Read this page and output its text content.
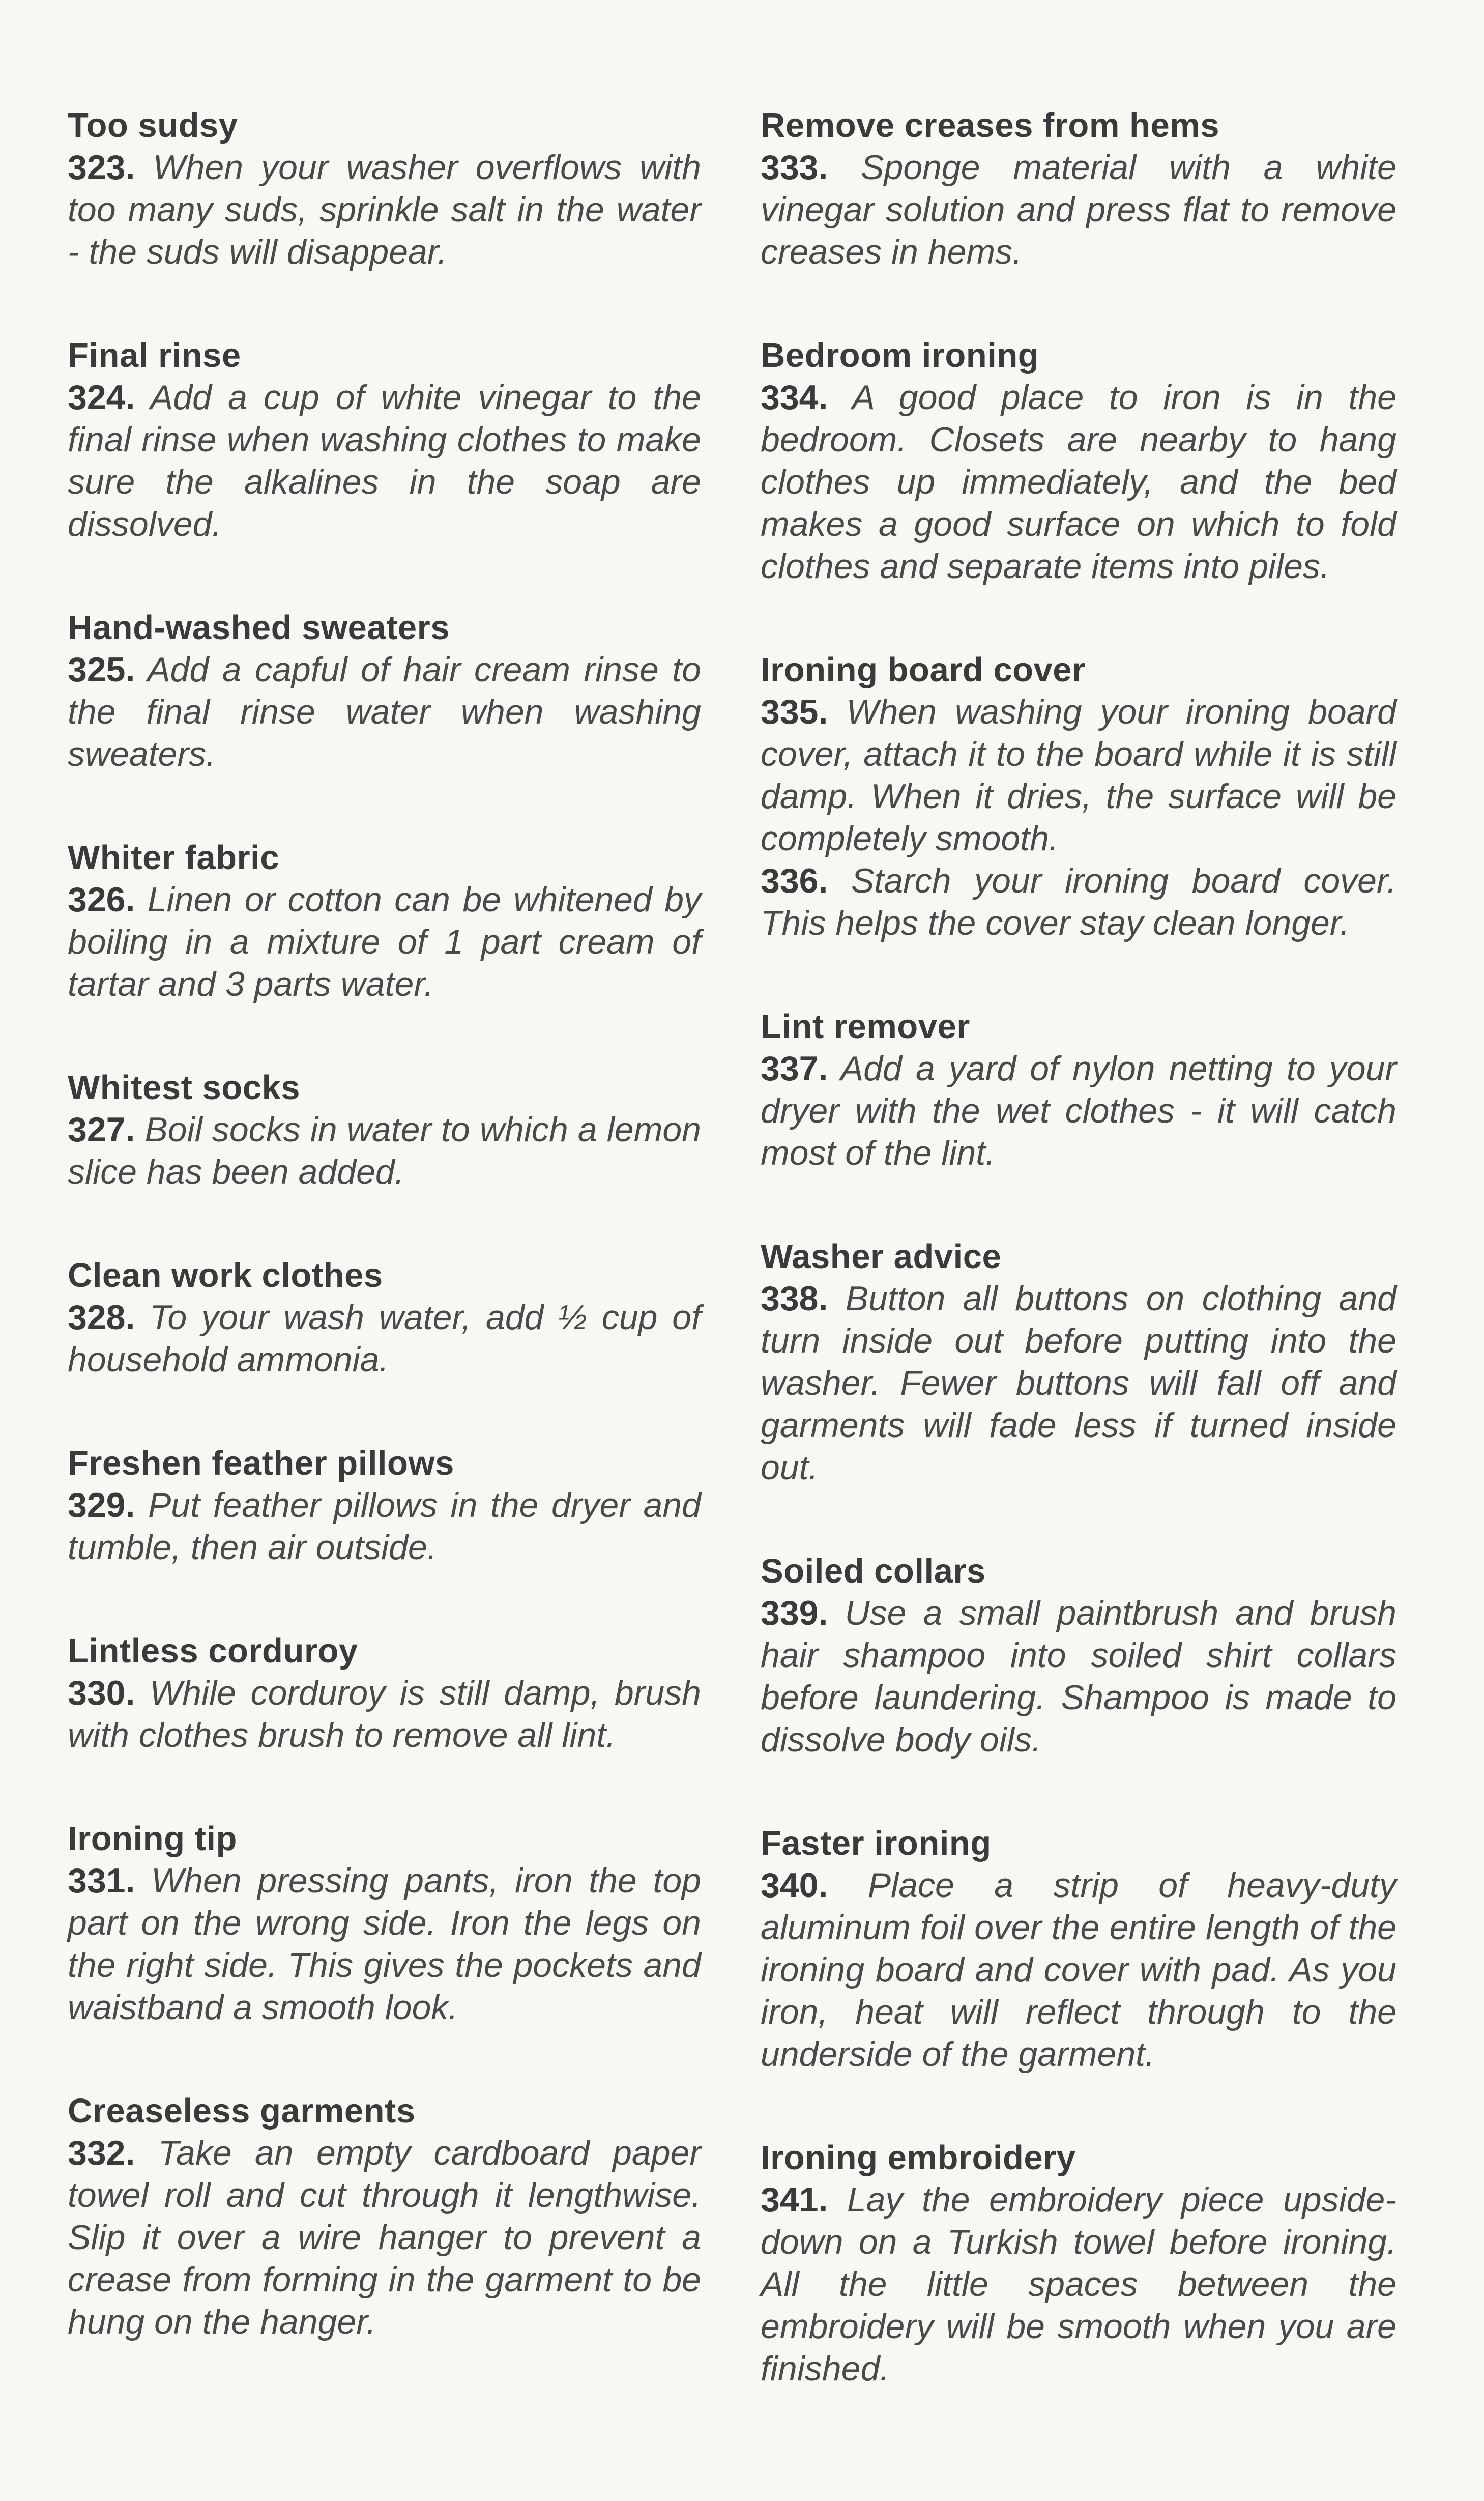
Too sudsy

323. When your washer overflows with too many suds, sprinkle salt in the water - the suds will disappear.

Final rinse

324. Add a cup of white vinegar to the final rinse when washing clothes to make sure the alkalines in the soap are dissolved.

Hand-washed sweaters

325. Add a capful of hair cream rinse to the final rinse water when washing sweaters.

Whiter fabric

326. Linen or cotton can be whitened by boiling in a mixture of 1 part cream of tartar and 3 parts water.

Whitest socks

327. Boil socks in water to which a lemon slice has been added.

Clean work clothes

328. To your wash water, add ½ cup of household ammonia.

Freshen feather pillows

329. Put feather pillows in the dryer and tumble, then air outside.

Lintless corduroy

330. While corduroy is still damp, brush with clothes brush to remove all lint.

Ironing tip

331. When pressing pants, iron the top part on the wrong side. Iron the legs on the right side. This gives the pockets and waistband a smooth look.

Creaseless garments

332. Take an empty cardboard paper towel roll and cut through it lengthwise. Slip it over a wire hanger to prevent a crease from forming in the garment to be hung on the hanger.

Remove creases from hems

333. Sponge material with a white vinegar solution and press flat to remove creases in hems.

Bedroom ironing

334. A good place to iron is in the bedroom. Closets are nearby to hang clothes up immediately, and the bed makes a good surface on which to fold clothes and separate items into piles.

Ironing board cover

335. When washing your ironing board cover, attach it to the board while it is still damp. When it dries, the surface will be completely smooth.

336. Starch your ironing board cover. This helps the cover stay clean longer.

Lint remover

337. Add a yard of nylon netting to your dryer with the wet clothes - it will catch most of the lint.

Washer advice

338. Button all buttons on clothing and turn inside out before putting into the washer. Fewer buttons will fall off and garments will fade less if turned inside out.

Soiled collars

339. Use a small paintbrush and brush hair shampoo into soiled shirt collars before laundering. Shampoo is made to dissolve body oils.

Faster ironing

340. Place a strip of heavy-duty aluminum foil over the entire length of the ironing board and cover with pad. As you iron, heat will reflect through to the underside of the garment.

Ironing embroidery

341. Lay the embroidery piece upside-down on a Turkish towel before ironing. All the little spaces between the embroidery will be smooth when you are finished.
